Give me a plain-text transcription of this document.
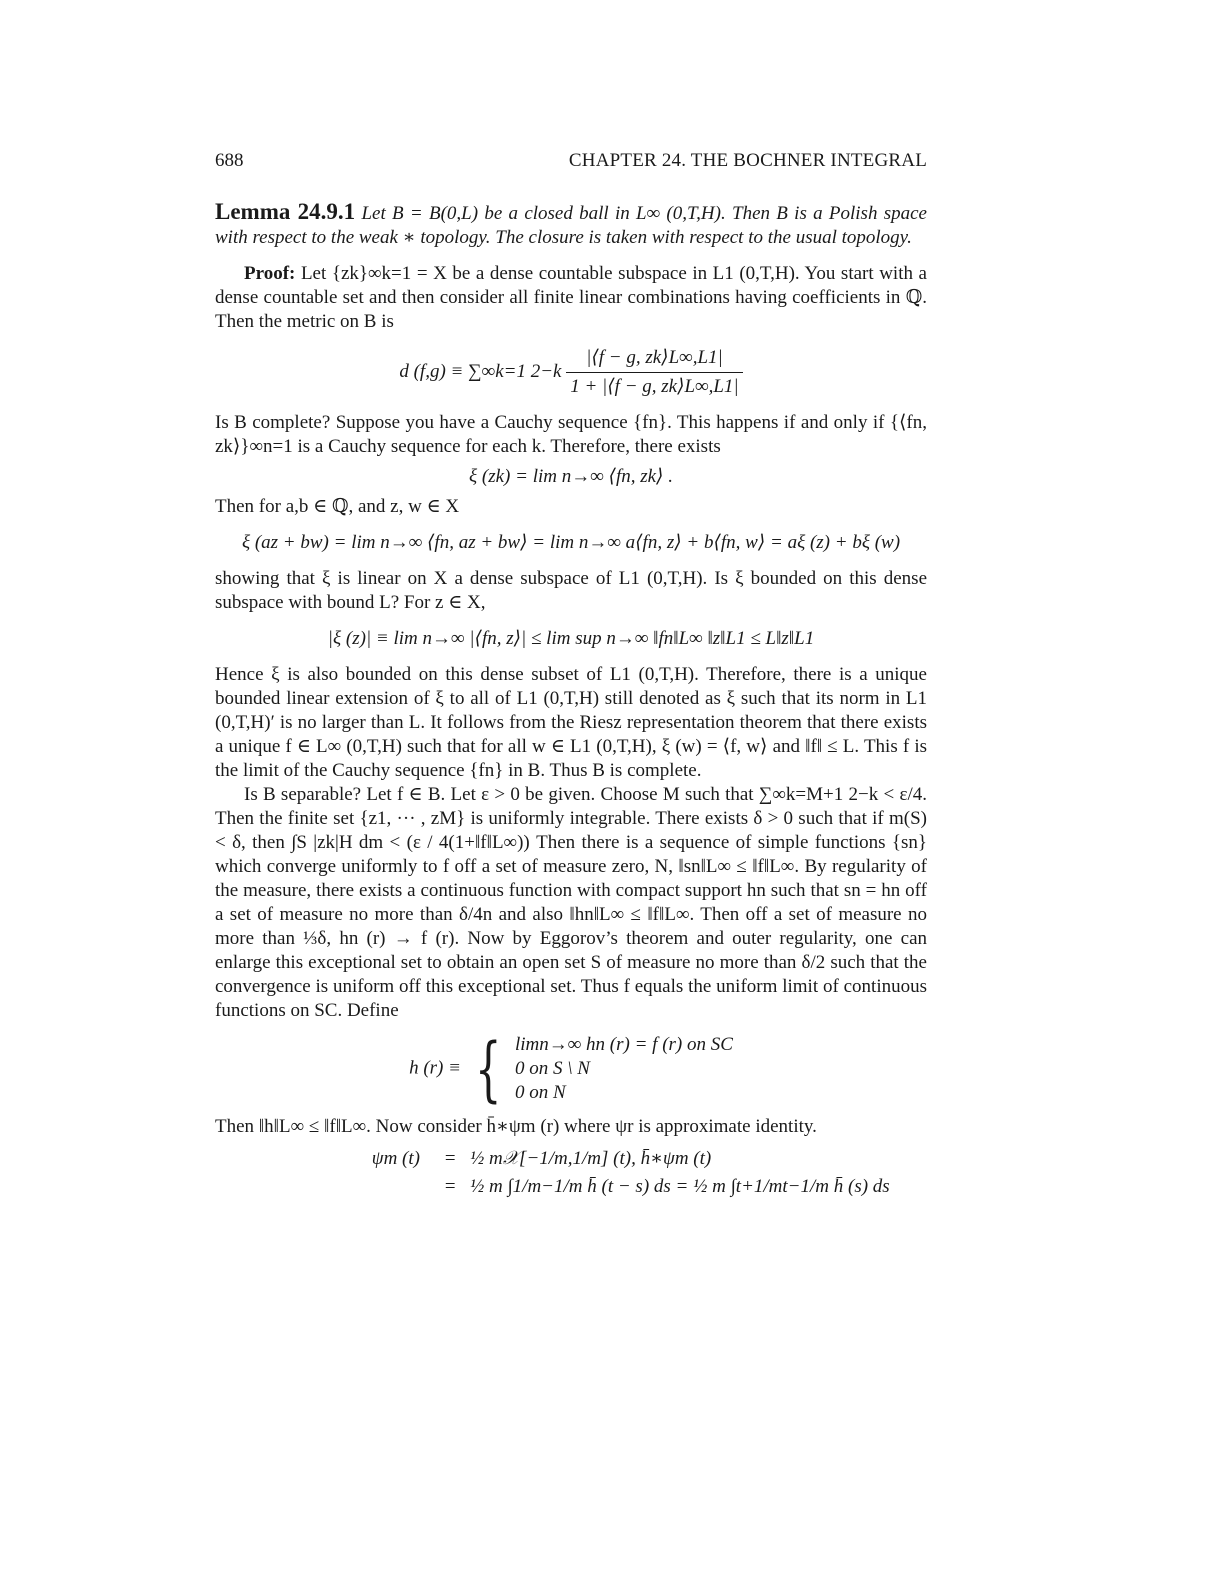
688	CHAPTER 24. THE BOCHNER INTEGRAL

Lemma 24.9.1 Let B = B(0,L) be a closed ball in L∞ (0,T,H). Then B is a Polish space with respect to the weak ∗ topology. The closure is taken with respect to the usual topology.

Proof: Let {zk}∞k=1 = X be a dense countable subspace in L1 (0,T,H). You start with a dense countable set and then consider all finite linear combinations having coefficients in ℚ. Then the metric on B is

d (f,g) ≡ ∑∞k=1 $2-k \frac{|⟨f - g, zk⟩L\infty,L1|}{1 + |⟨f - g, zk⟩L\infty,L1|}$

Is B complete? Suppose you have a Cauchy sequence {fn}. This happens if and only if {⟨fn, zk⟩}∞n=1 is a Cauchy sequence for each k. Therefore, there exists

ξ (zk) = lim n→∞ ⟨fn, zk⟩ .

Then for a,b ∈ ℚ, and z, w ∈ X

ξ (az + bw) = lim n→∞ ⟨fn, az + bw⟩ = lim n→∞ a⟨fn, z⟩ + b⟨fn, w⟩ = aξ (z) + bξ (w)

showing that ξ is linear on X a dense subspace of L1 (0,T,H). Is ξ bounded on this dense subspace with bound L? For z ∈ X,

|ξ (z)| ≡ lim n→∞ |⟨fn, z⟩| ≤ lim sup n→∞ ‖fn‖L∞ ‖z‖L1 ≤ L‖z‖L1

Hence ξ is also bounded on this dense subset of L1 (0,T,H). Therefore, there is a unique bounded linear extension of ξ to all of L1 (0,T,H) still denoted as ξ such that its norm in L1 (0,T,H)′ is no larger than L. It follows from the Riesz representation theorem that there exists a unique f ∈ L∞ (0,T,H) such that for all w ∈ L1 (0,T,H), ξ (w) = ⟨f, w⟩ and ‖f‖ ≤ L. This f is the limit of the Cauchy sequence {fn} in B. Thus B is complete.

Is B separable? Let f ∈ B. Let ε > 0 be given. Choose M such that ∑∞k=M+1 2−k < ε/4. Then the finite set {z1, ··· , zM} is uniformly integrable. There exists δ > 0 such that if m(S) < δ, then ∫S |zk|H dm < (ε / 4(1+‖f‖L∞)) Then there is a sequence of simple functions {sn} which converge uniformly to f off a set of measure zero, N, ‖sn‖L∞ ≤ ‖f‖L∞. By regularity of the measure, there exists a continuous function with compact support hn such that sn = hn off a set of measure no more than δ/4n and also ‖hn‖L∞ ≤ ‖f‖L∞. Then off a set of measure no more than ⅓δ, hn (r) → f (r). Now by Eggorov’s theorem and outer regularity, one can enlarge this exceptional set to obtain an open set S of measure no more than δ/2 such that the convergence is uniform off this exceptional set. Thus f equals the uniform limit of continuous functions on SC. Define

h (r) ≡ { limn→∞ hn (r) = f (r) on SC
0 on S \ N
0 on N

Then ‖h‖L∞ ≤ ‖f‖L∞. Now consider h̄∗ψm (r) where ψr is approximate identity.

ψm (t)	= ½ m𝒳[−1/m,1/m] (t), h̄∗ψm (t)
= ½ m ∫1/m−1/m h̄ (t − s) ds = ½ m ∫t+1/mt−1/m h̄ (s) ds
